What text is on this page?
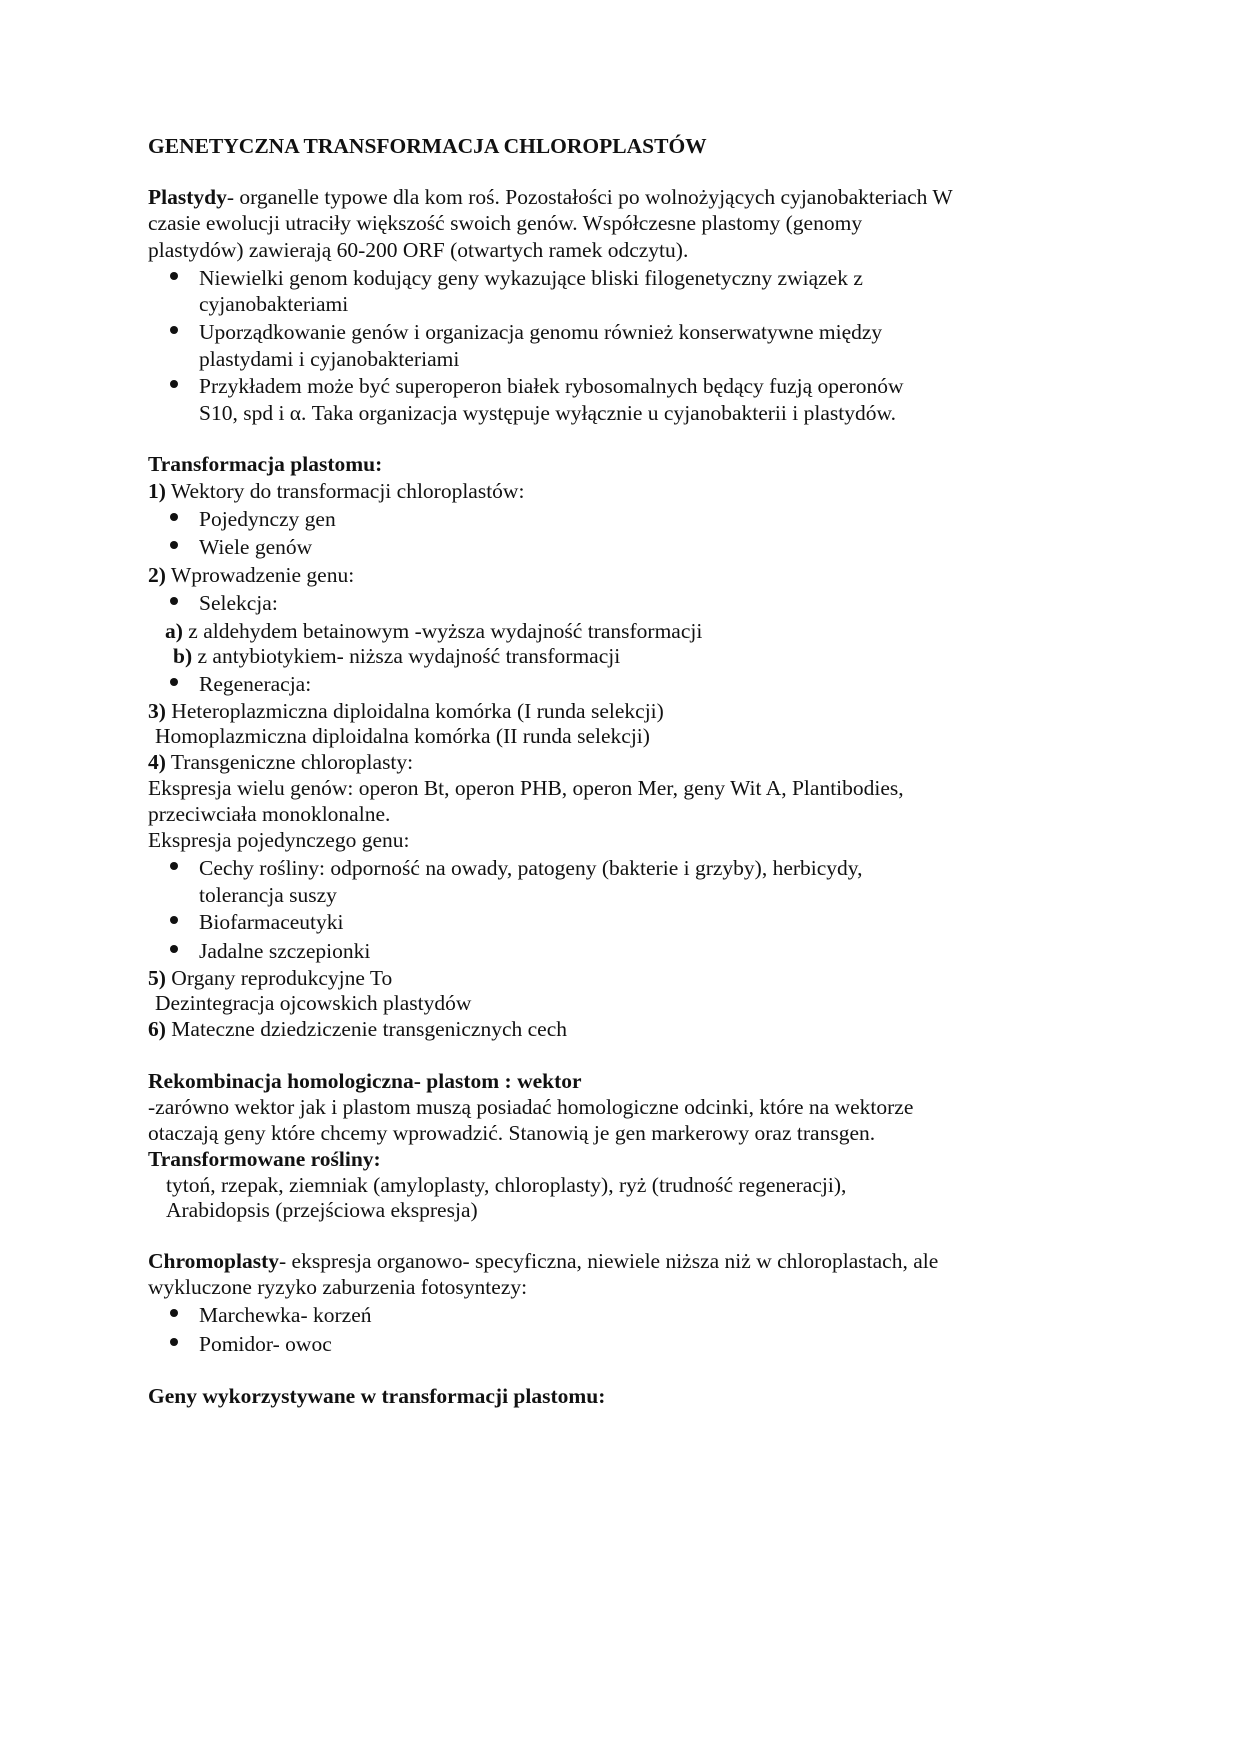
GENETYCZNA TRANSFORMACJA CHLOROPLASTÓW
Plastydy- organelle typowe dla kom roś. Pozostałości po wolnożyjących cyjanobakteriach W
czasie ewolucji utraciły większość swoich genów. Współczesne plastomy (genomy
plastydów) zawierają 60-200 ORF (otwartych ramek odczytu).
Niewielki genom kodujący geny wykazujące bliski filogenetyczny związek z
cyjanobakteriami
Uporządkowanie genów i organizacja genomu również konserwatywne między
plastydami i cyjanobakteriami
Przykładem może być superoperon białek rybosomalnych będący fuzją operonów
S10, spd i α. Taka organizacja występuje wyłącznie u cyjanobakterii i plastydów.
Transformacja plastomu:
1) Wektory do transformacji chloroplastów:
Pojedynczy gen
Wiele genów
2) Wprowadzenie genu:
Selekcja:
a) z aldehydem betainowym -wyższa wydajność transformacji
b) z antybiotykiem- niższa wydajność transformacji
Regeneracja:
3) Heteroplazmiczna diploidalna komórka (I runda selekcji)
Homoplazmiczna diploidalna komórka (II runda selekcji)
4) Transgeniczne chloroplasty:
Ekspresja wielu genów: operon Bt, operon PHB, operon Mer, geny Wit A, Plantibodies,
przeciwciała monoklonalne.
Ekspresja pojedynczego genu:
Cechy rośliny: odporność na owady, patogeny (bakterie i grzyby), herbicydy,
tolerancja suszy
Biofarmaceutyki
Jadalne szczepionki
5) Organy reprodukcyjne To
Dezintegracja ojcowskich plastydów
6) Mateczne dziedziczenie transgenicznych cech
Rekombinacja homologiczna- plastom : wektor
-zarówno wektor jak i plastom muszą posiadać homologiczne odcinki, które na wektorze
otaczają geny które chcemy wprowadzić. Stanowią je gen markerowy oraz transgen.
Transformowane rośliny:
tytoń, rzepak, ziemniak (amyloplasty, chloroplasty), ryż (trudność regeneracji),
Arabidopsis (przejściowa ekspresja)
Chromoplasty- ekspresja organowo- specyficzna, niewiele niższa niż w chloroplastach, ale
wykluczone ryzyko zaburzenia fotosyntezy:
Marchewka- korzeń
Pomidor- owoc
Geny wykorzystywane w transformacji plastomu:
